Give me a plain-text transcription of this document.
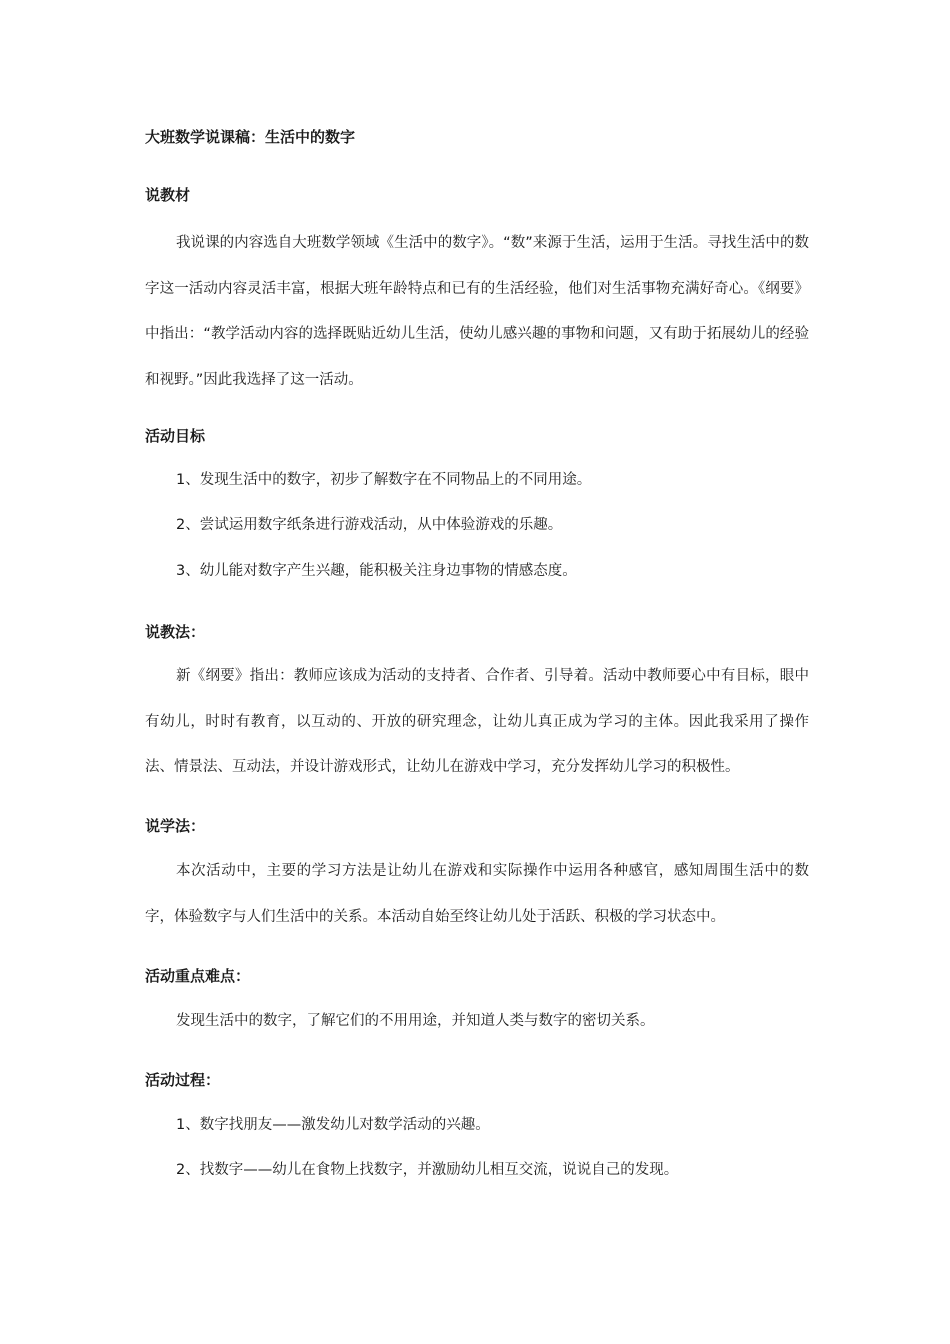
大班数学说课稿：生活中的数字
说教材
我说课的内容选自大班数学领域《生活中的数字》。“数”来源于生活，运用于生活。寻找生活中的数字这一活动内容灵活丰富，根据大班年龄特点和已有的生活经验，他们对生活事物充满好奇心。《纲要》中指出：“教学活动内容的选择既贴近幼儿生活，使幼儿感兴趣的事物和问题，又有助于拓展幼儿的经验和视野。”因此我选择了这一活动。
活动目标
1、发现生活中的数字，初步了解数字在不同物品上的不同用途。
2、尝试运用数字纸条进行游戏活动，从中体验游戏的乐趣。
3、幼儿能对数字产生兴趣，能积极关注身边事物的情感态度。
说教法：
新《纲要》指出：教师应该成为活动的支持者、合作者、引导着。活动中教师要心中有目标，眼中有幼儿，时时有教育，以互动的、开放的研究理念，让幼儿真正成为学习的主体。因此我采用了操作法、情景法、互动法，并设计游戏形式，让幼儿在游戏中学习，充分发挥幼儿学习的积极性。
说学法：
本次活动中，主要的学习方法是让幼儿在游戏和实际操作中运用各种感官，感知周围生活中的数字，体验数字与人们生活中的关系。本活动自始至终让幼儿处于活跃、积极的学习状态中。
活动重点难点：
发现生活中的数字，了解它们的不用用途，并知道人类与数字的密切关系。
活动过程：
1、数字找朋友——激发幼儿对数学活动的兴趣。
2、找数字——幼儿在食物上找数字，并激励幼儿相互交流，说说自己的发现。
